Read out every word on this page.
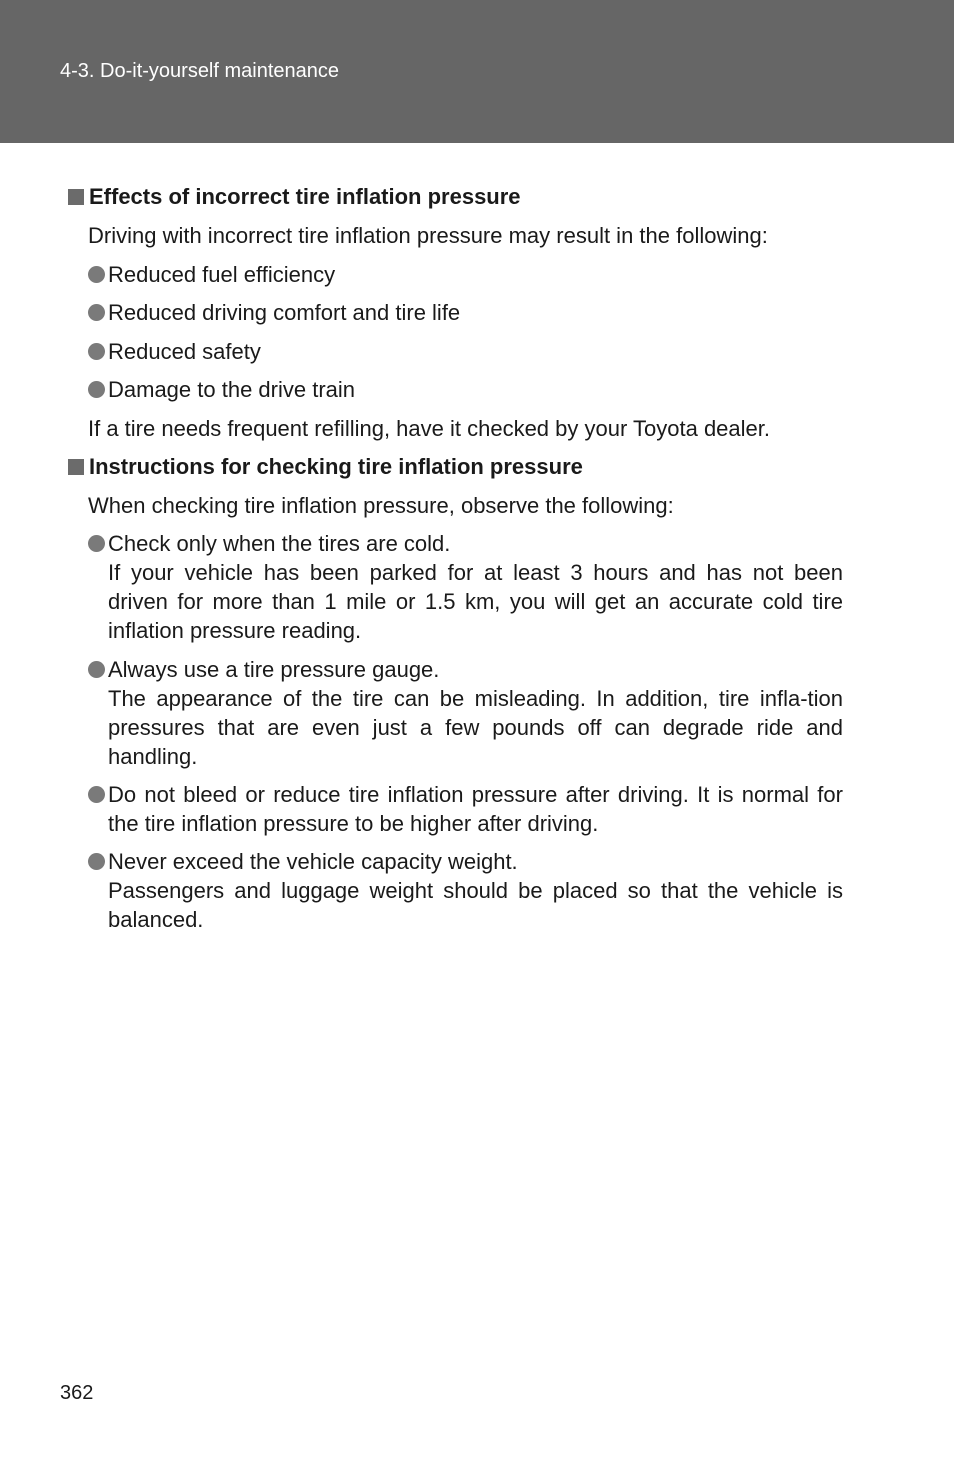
4-3. Do-it-yourself maintenance
Effects of incorrect tire inflation pressure
Driving with incorrect tire inflation pressure may result in the following:
Reduced fuel efficiency
Reduced driving comfort and tire life
Reduced safety
Damage to the drive train
If a tire needs frequent refilling, have it checked by your Toyota dealer.
Instructions for checking tire inflation pressure
When checking tire inflation pressure, observe the following:
Check only when the tires are cold.
If your vehicle has been parked for at least 3 hours and has not been driven for more than 1 mile or 1.5 km, you will get an accurate cold tire inflation pressure reading.
Always use a tire pressure gauge.
The appearance of the tire can be misleading. In addition, tire infla-tion pressures that are even just a few pounds off can degrade ride and handling.
Do not bleed or reduce tire inflation pressure after driving. It is normal for the tire inflation pressure to be higher after driving.
Never exceed the vehicle capacity weight.
Passengers and luggage weight should be placed so that the vehicle is balanced.
362
